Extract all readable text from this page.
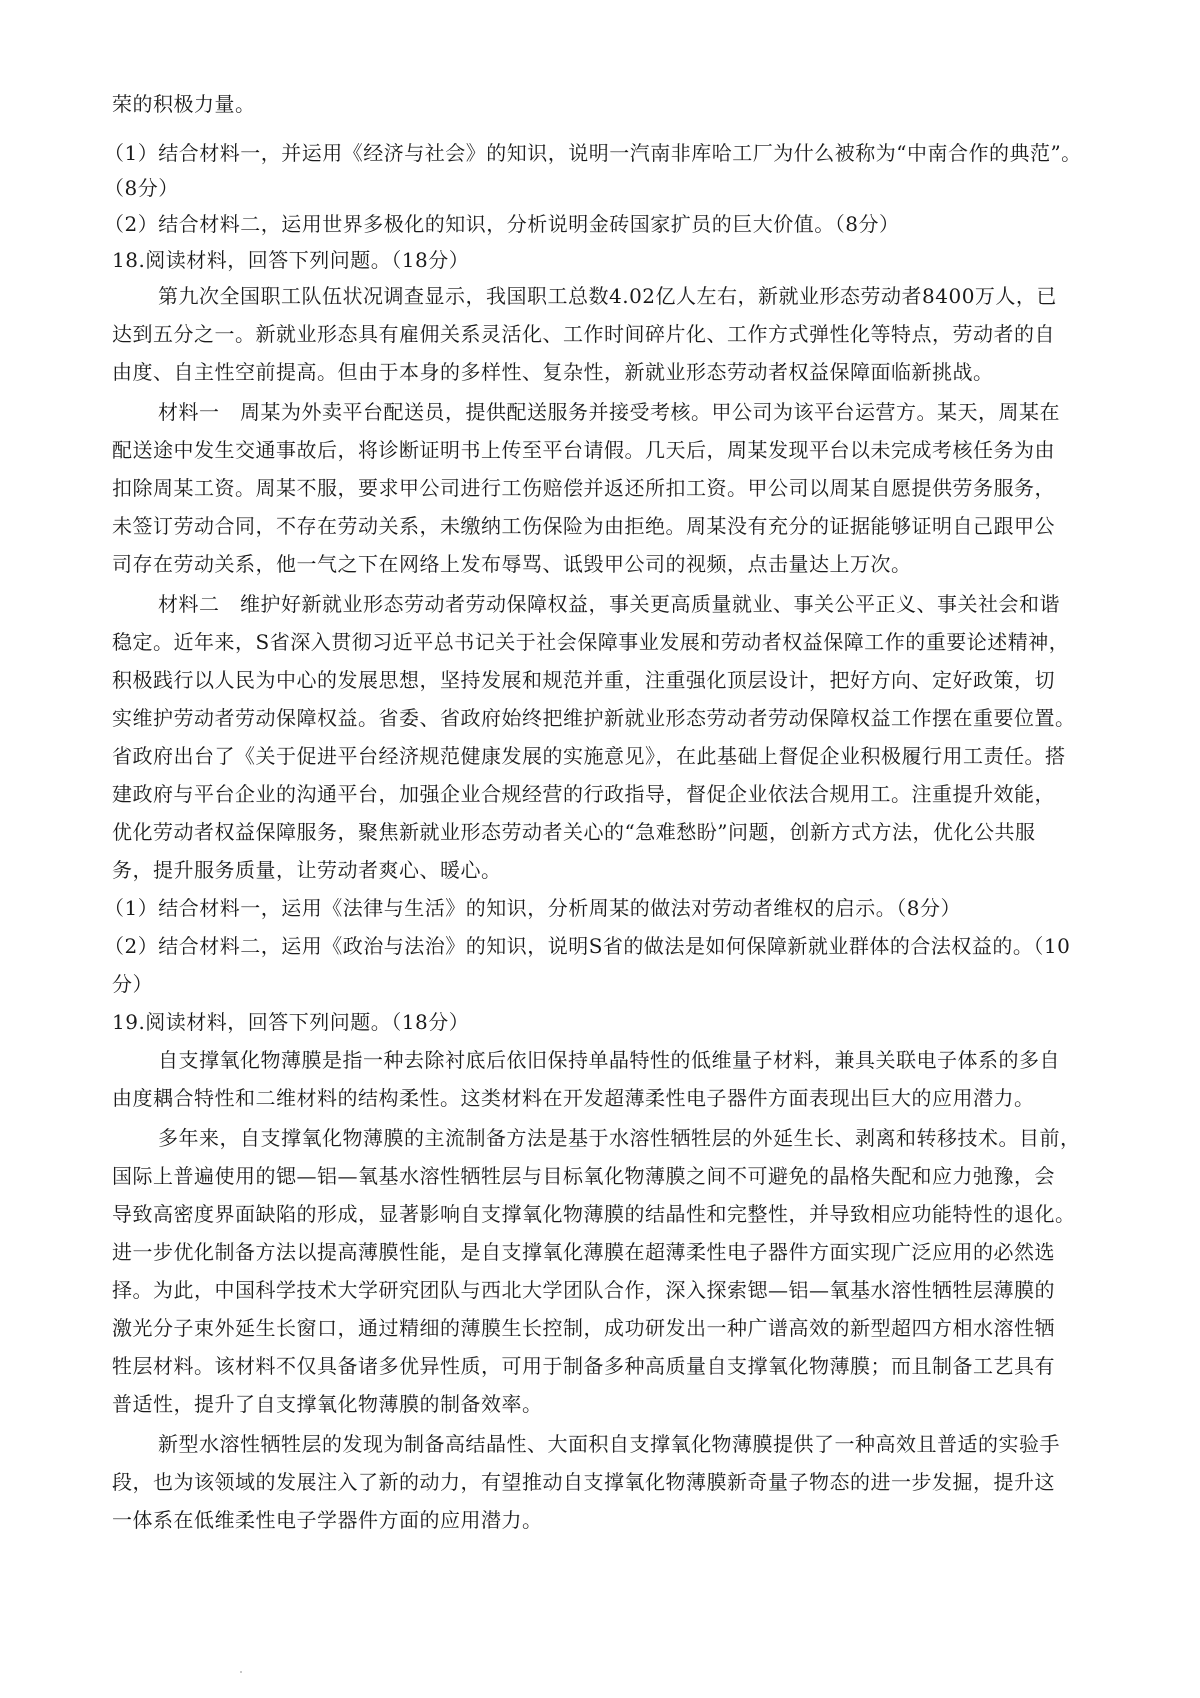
荣的积极力量。
（1）结合材料一，并运用《经济与社会》的知识，说明一汽南非库哈工厂为什么被称为“中南合作的典范”。
（8分）
（2）结合材料二，运用世界多极化的知识，分析说明金砖国家扩员的巨大价值。（8分）
18.阅读材料，回答下列问题。（18分）
第九次全国职工队伍状况调查显示，我国职工总数4.02亿人左右，新就业形态劳动者8400万人，已
达到五分之一。新就业形态具有雇佣关系灵活化、工作时间碎片化、工作方式弹性化等特点，劳动者的自
由度、自主性空前提高。但由于本身的多样性、复杂性，新就业形态劳动者权益保障面临新挑战。
材料一　周某为外卖平台配送员，提供配送服务并接受考核。甲公司为该平台运营方。某天，周某在
配送途中发生交通事故后，将诊断证明书上传至平台请假。几天后，周某发现平台以未完成考核任务为由
扣除周某工资。周某不服，要求甲公司进行工伤赔偿并返还所扣工资。甲公司以周某自愿提供劳务服务，
未签订劳动合同，不存在劳动关系，未缴纳工伤保险为由拒绝。周某没有充分的证据能够证明自己跟甲公
司存在劳动关系，他一气之下在网络上发布辱骂、诋毁甲公司的视频，点击量达上万次。
材料二　维护好新就业形态劳动者劳动保障权益，事关更高质量就业、事关公平正义、事关社会和谐
稳定。近年来，S省深入贯彻习近平总书记关于社会保障事业发展和劳动者权益保障工作的重要论述精神，
积极践行以人民为中心的发展思想，坚持发展和规范并重，注重强化顶层设计，把好方向、定好政策，切
实维护劳动者劳动保障权益。省委、省政府始终把维护新就业形态劳动者劳动保障权益工作摆在重要位置。
省政府出台了《关于促进平台经济规范健康发展的实施意见》，在此基础上督促企业积极履行用工责任。搭
建政府与平台企业的沟通平台，加强企业合规经营的行政指导，督促企业依法合规用工。注重提升效能，
优化劳动者权益保障服务，聚焦新就业形态劳动者关心的“急难愁盼”问题，创新方式方法，优化公共服
务，提升服务质量，让劳动者爽心、暖心。
（1）结合材料一，运用《法律与生活》的知识，分析周某的做法对劳动者维权的启示。（8分）
（2）结合材料二，运用《政治与法治》的知识，说明S省的做法是如何保障新就业群体的合法权益的。（10
分）
19.阅读材料，回答下列问题。（18分）
自支撑氧化物薄膜是指一种去除衬底后依旧保持单晶特性的低维量子材料，兼具关联电子体系的多自
由度耦合特性和二维材料的结构柔性。这类材料在开发超薄柔性电子器件方面表现出巨大的应用潜力。
多年来，自支撑氧化物薄膜的主流制备方法是基于水溶性牺牲层的外延生长、剥离和转移技术。目前，
国际上普遍使用的锶—铝—氧基水溶性牺牲层与目标氧化物薄膜之间不可避免的晶格失配和应力弛豫，会
导致高密度界面缺陷的形成，显著影响自支撑氧化物薄膜的结晶性和完整性，并导致相应功能特性的退化。
进一步优化制备方法以提高薄膜性能，是自支撑氧化薄膜在超薄柔性电子器件方面实现广泛应用的必然选
择。为此，中国科学技术大学研究团队与西北大学团队合作，深入探索锶—铝—氧基水溶性牺牲层薄膜的
激光分子束外延生长窗口，通过精细的薄膜生长控制，成功研发出一种广谱高效的新型超四方相水溶性牺
牲层材料。该材料不仅具备诸多优异性质，可用于制备多种高质量自支撑氧化物薄膜；而且制备工艺具有
普适性，提升了自支撑氧化物薄膜的制备效率。
新型水溶性牺牲层的发现为制备高结晶性、大面积自支撑氧化物薄膜提供了一种高效且普适的实验手
段，也为该领域的发展注入了新的动力，有望推动自支撑氧化物薄膜新奇量子物态的进一步发掘，提升这
一体系在低维柔性电子学器件方面的应用潜力。
